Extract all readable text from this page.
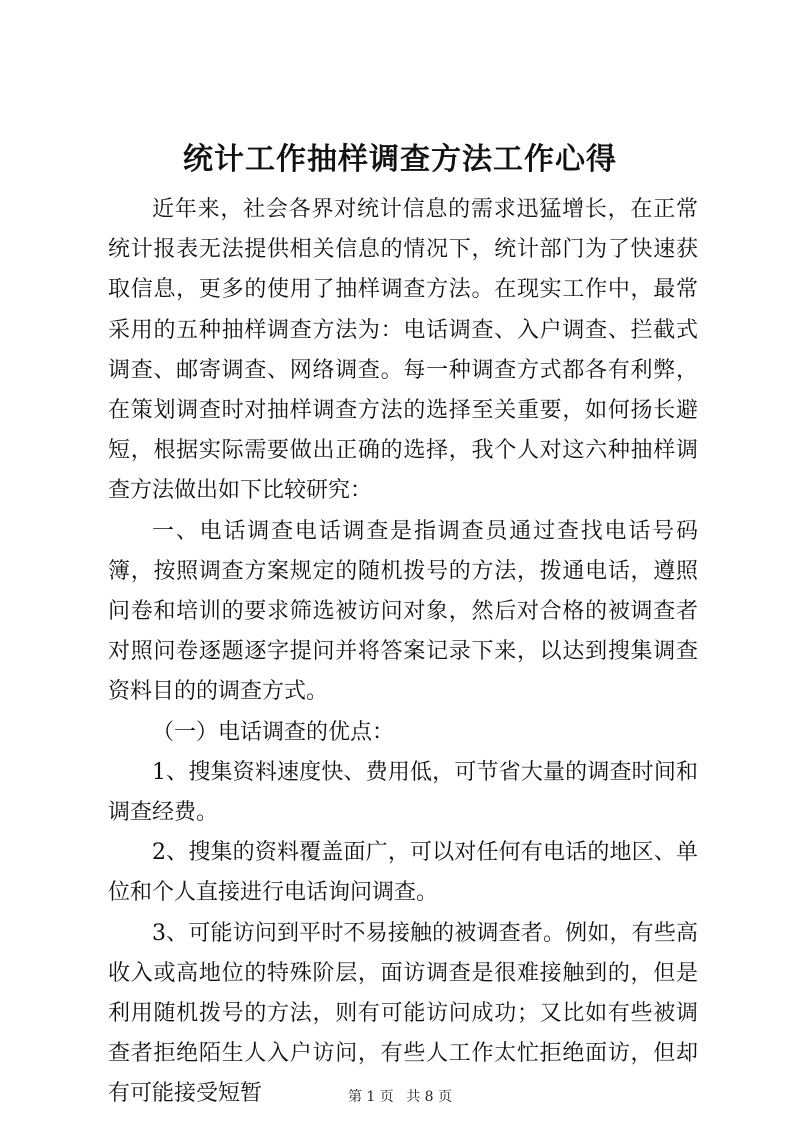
统计工作抽样调查方法工作心得

近年来，社会各界对统计信息的需求迅猛增长，在正常统计报表无法提供相关信息的情况下，统计部门为了快速获取信息，更多的使用了抽样调查方法。在现实工作中，最常采用的五种抽样调查方法为：电话调查、入户调查、拦截式调查、邮寄调查、网络调查。每一种调查方式都各有利弊，在策划调查时对抽样调查方法的选择至关重要，如何扬长避短，根据实际需要做出正确的选择，我个人对这六种抽样调查方法做出如下比较研究：

一、电话调查电话调查是指调查员通过查找电话号码簿，按照调查方案规定的随机拨号的方法，拨通电话，遵照问卷和培训的要求筛选被访问对象，然后对合格的被调查者对照问卷逐题逐字提问并将答案记录下来，以达到搜集调查资料目的的调查方式。

（一）电话调查的优点：

1、搜集资料速度快、费用低，可节省大量的调查时间和调查经费。

2、搜集的资料覆盖面广，可以对任何有电话的地区、单位和个人直接进行电话询问调查。

3、可能访问到平时不易接触的被调查者。例如，有些高收入或高地位的特殊阶层，面访调查是很难接触到的，但是利用随机拨号的方法，则有可能访问成功；又比如有些被调查者拒绝陌生人入户访问，有些人工作太忙拒绝面访，但却有可能接受短暂	第 1 页 共 8 页
